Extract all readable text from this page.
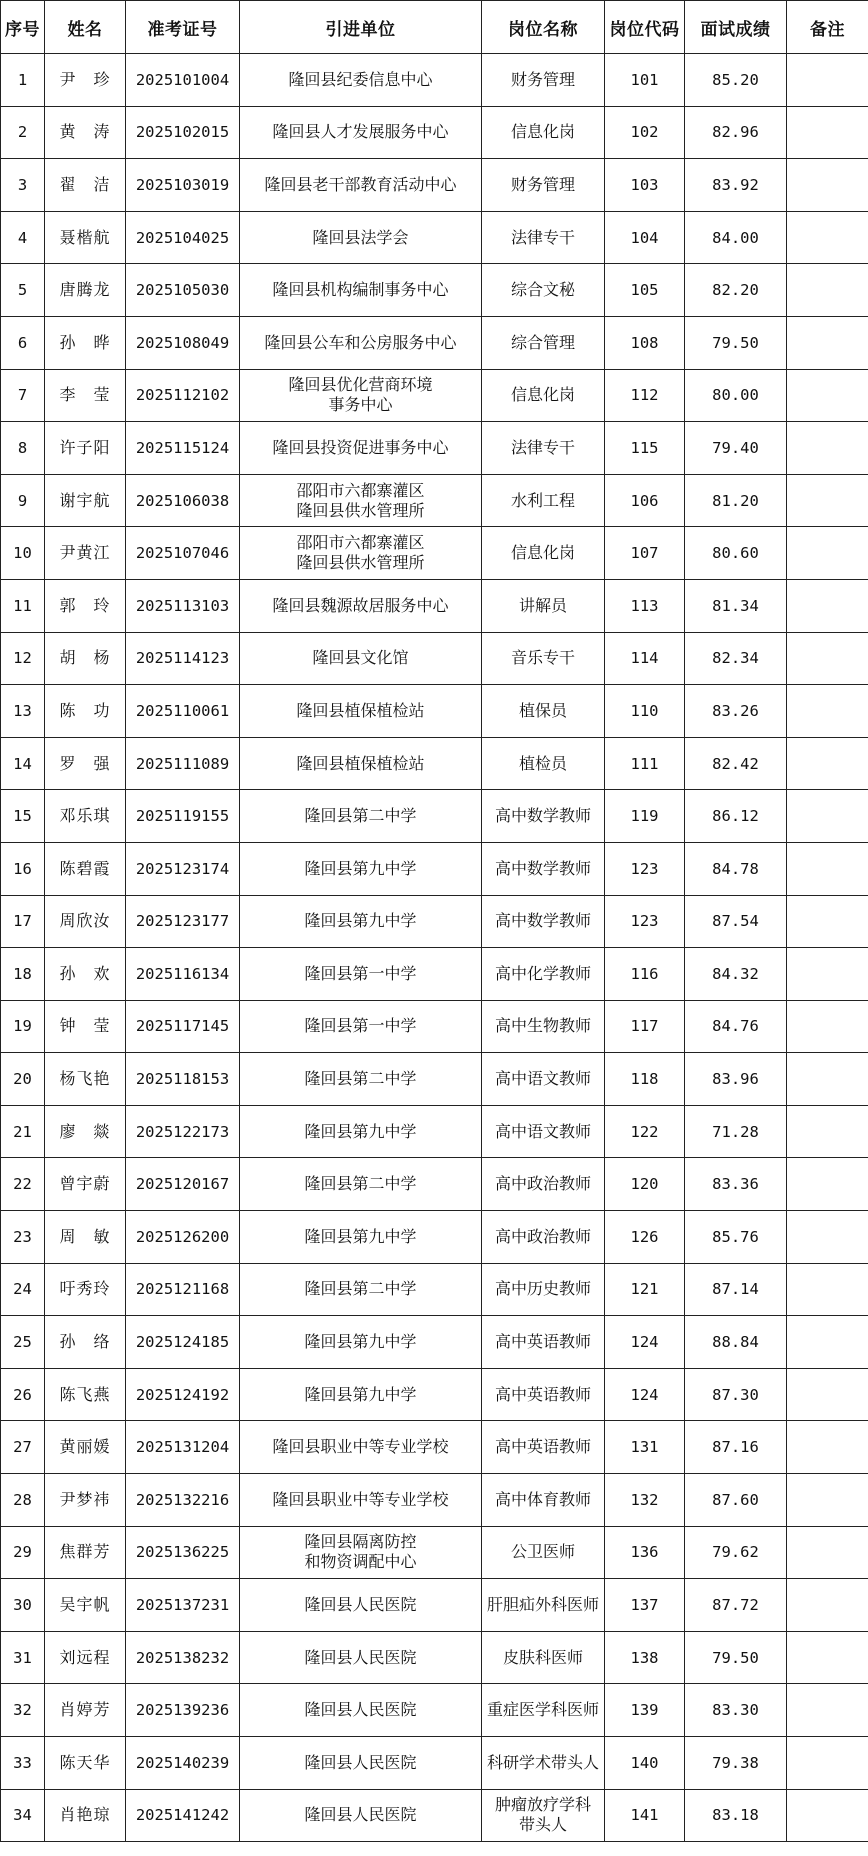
序号	姓名	准考证号	引进单位	岗位名称	岗位代码	面试成绩	备注
1	尹　珍	2025101004	隆回县纪委信息中心	财务管理	101	85.20	
2	黄　涛	2025102015	隆回县人才发展服务中心	信息化岗	102	82.96	
3	翟　洁	2025103019	隆回县老干部教育活动中心	财务管理	103	83.92	
4	聂楷航	2025104025	隆回县法学会	法律专干	104	84.00	
5	唐腾龙	2025105030	隆回县机构编制事务中心	综合文秘	105	82.20	
6	孙　晔	2025108049	隆回县公车和公房服务中心	综合管理	108	79.50	
7	李　莹	2025112102	隆回县优化营商环境
事务中心	信息化岗	112	80.00	
8	许子阳	2025115124	隆回县投资促进事务中心	法律专干	115	79.40	
9	谢宇航	2025106038	邵阳市六都寨灌区
隆回县供水管理所	水利工程	106	81.20	
10	尹黄江	2025107046	邵阳市六都寨灌区
隆回县供水管理所	信息化岗	107	80.60	
11	郭　玲	2025113103	隆回县魏源故居服务中心	讲解员	113	81.34	
12	胡　杨	2025114123	隆回县文化馆	音乐专干	114	82.34	
13	陈　功	2025110061	隆回县植保植检站	植保员	110	83.26	
14	罗　强	2025111089	隆回县植保植检站	植检员	111	82.42	
15	邓乐琪	2025119155	隆回县第二中学	高中数学教师	119	86.12	
16	陈碧霞	2025123174	隆回县第九中学	高中数学教师	123	84.78	
17	周欣汝	2025123177	隆回县第九中学	高中数学教师	123	87.54	
18	孙　欢	2025116134	隆回县第一中学	高中化学教师	116	84.32	
19	钟　莹	2025117145	隆回县第一中学	高中生物教师	117	84.76	
20	杨飞艳	2025118153	隆回县第二中学	高中语文教师	118	83.96	
21	廖　燚	2025122173	隆回县第九中学	高中语文教师	122	71.28	
22	曾宇蔚	2025120167	隆回县第二中学	高中政治教师	120	83.36	
23	周　敏	2025126200	隆回县第九中学	高中政治教师	126	85.76	
24	吁秀玲	2025121168	隆回县第二中学	高中历史教师	121	87.14	
25	孙　络	2025124185	隆回县第九中学	高中英语教师	124	88.84	
26	陈飞燕	2025124192	隆回县第九中学	高中英语教师	124	87.30	
27	黄丽媛	2025131204	隆回县职业中等专业学校	高中英语教师	131	87.16	
28	尹梦祎	2025132216	隆回县职业中等专业学校	高中体育教师	132	87.60	
29	焦群芳	2025136225	隆回县隔离防控
和物资调配中心	公卫医师	136	79.62	
30	吴宇帆	2025137231	隆回县人民医院	肝胆疝外科医师	137	87.72	
31	刘远程	2025138232	隆回县人民医院	皮肤科医师	138	79.50	
32	肖婷芳	2025139236	隆回县人民医院	重症医学科医师	139	83.30	
33	陈天华	2025140239	隆回县人民医院	科研学术带头人	140	79.38	
34	肖艳琼	2025141242	隆回县人民医院	肿瘤放疗学科
带头人	141	83.18	
